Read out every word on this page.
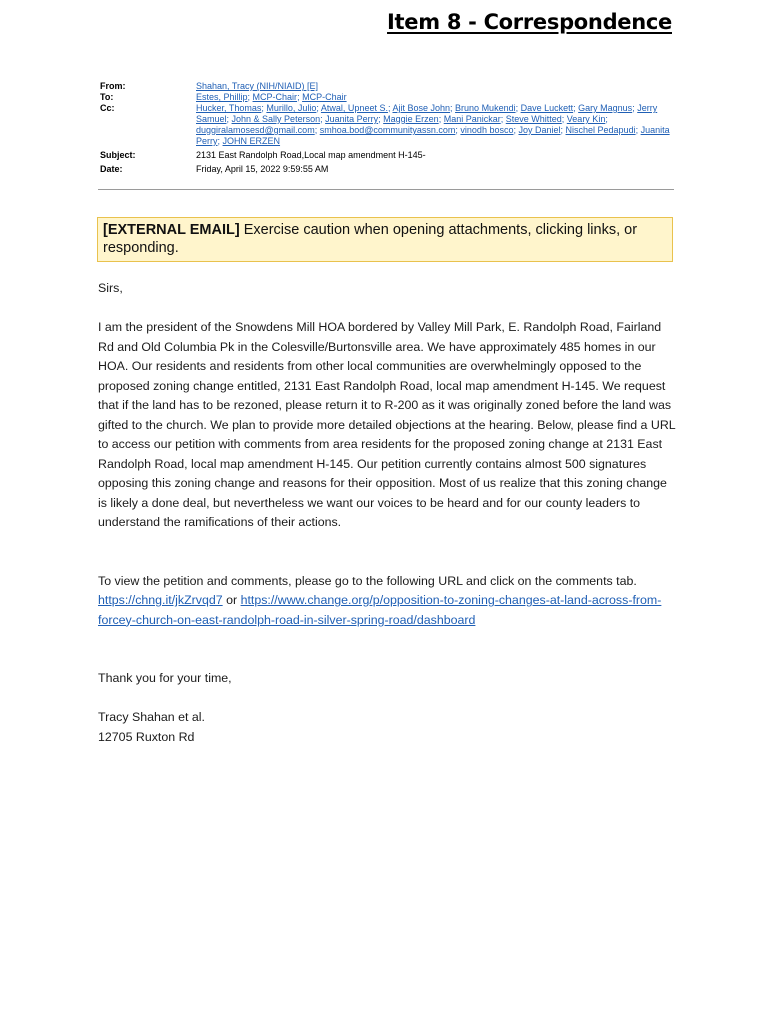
Item 8 - Correspondence
From:	Shahan, Tracy (NIH/NIAID) [E]
To:	Estes, Phillip; MCP-Chair; MCP-Chair
Cc:	Hucker, Thomas; Murillo, Julio; Atwal, Upneet S.; Ajit Bose John; Bruno Mukendi; Dave Luckett; Gary Magnus; Jerry Samuel; John & Sally Peterson; Juanita Perry; Maggie Erzen; Mani Panickar; Steve Whitted; Veary Kin; duggiralamosesd@gmail.com; smhoa.bod@communityassn.com; vinodh bosco; Joy Daniel; Nischel Pedapudi; Juanita Perry; JOHN ERZEN
Subject:	2131 East Randolph Road,Local map amendment H-145-
Date:	Friday, April 15, 2022 9:59:55 AM
[EXTERNAL EMAIL] Exercise caution when opening attachments, clicking links, or responding.

Sirs,

I am the president of the Snowdens Mill HOA bordered by Valley Mill Park, E. Randolph Road, Fairland Rd and Old Columbia Pk in the Colesville/Burtonsville area. We have approximately 485 homes in our HOA. Our residents and residents from other local communities are overwhelmingly opposed to the proposed zoning change entitled, 2131 East Randolph Road, local map amendment H-145. We request that if the land has to be rezoned, please return it to R-200 as it was originally zoned before the land was gifted to the church. We plan to provide more detailed objections at the hearing. Below, please find a URL to access our petition with comments from area residents for the proposed zoning change at 2131 East Randolph Road, local map amendment H-145. Our petition currently contains almost 500 signatures opposing this zoning change and reasons for their opposition. Most of us realize that this zoning change is likely a done deal, but nevertheless we want our voices to be heard and for our county leaders to understand the ramifications of their actions.

To view the petition and comments, please go to the following URL and click on the comments tab.
https://chng.it/jkZrvqd7 or https://www.change.org/p/opposition-to-zoning-changes-at-land-across-from-forcey-church-on-east-randolph-road-in-silver-spring-road/dashboard

Thank you for your time,

Tracy Shahan et al.

12705 Ruxton Rd
